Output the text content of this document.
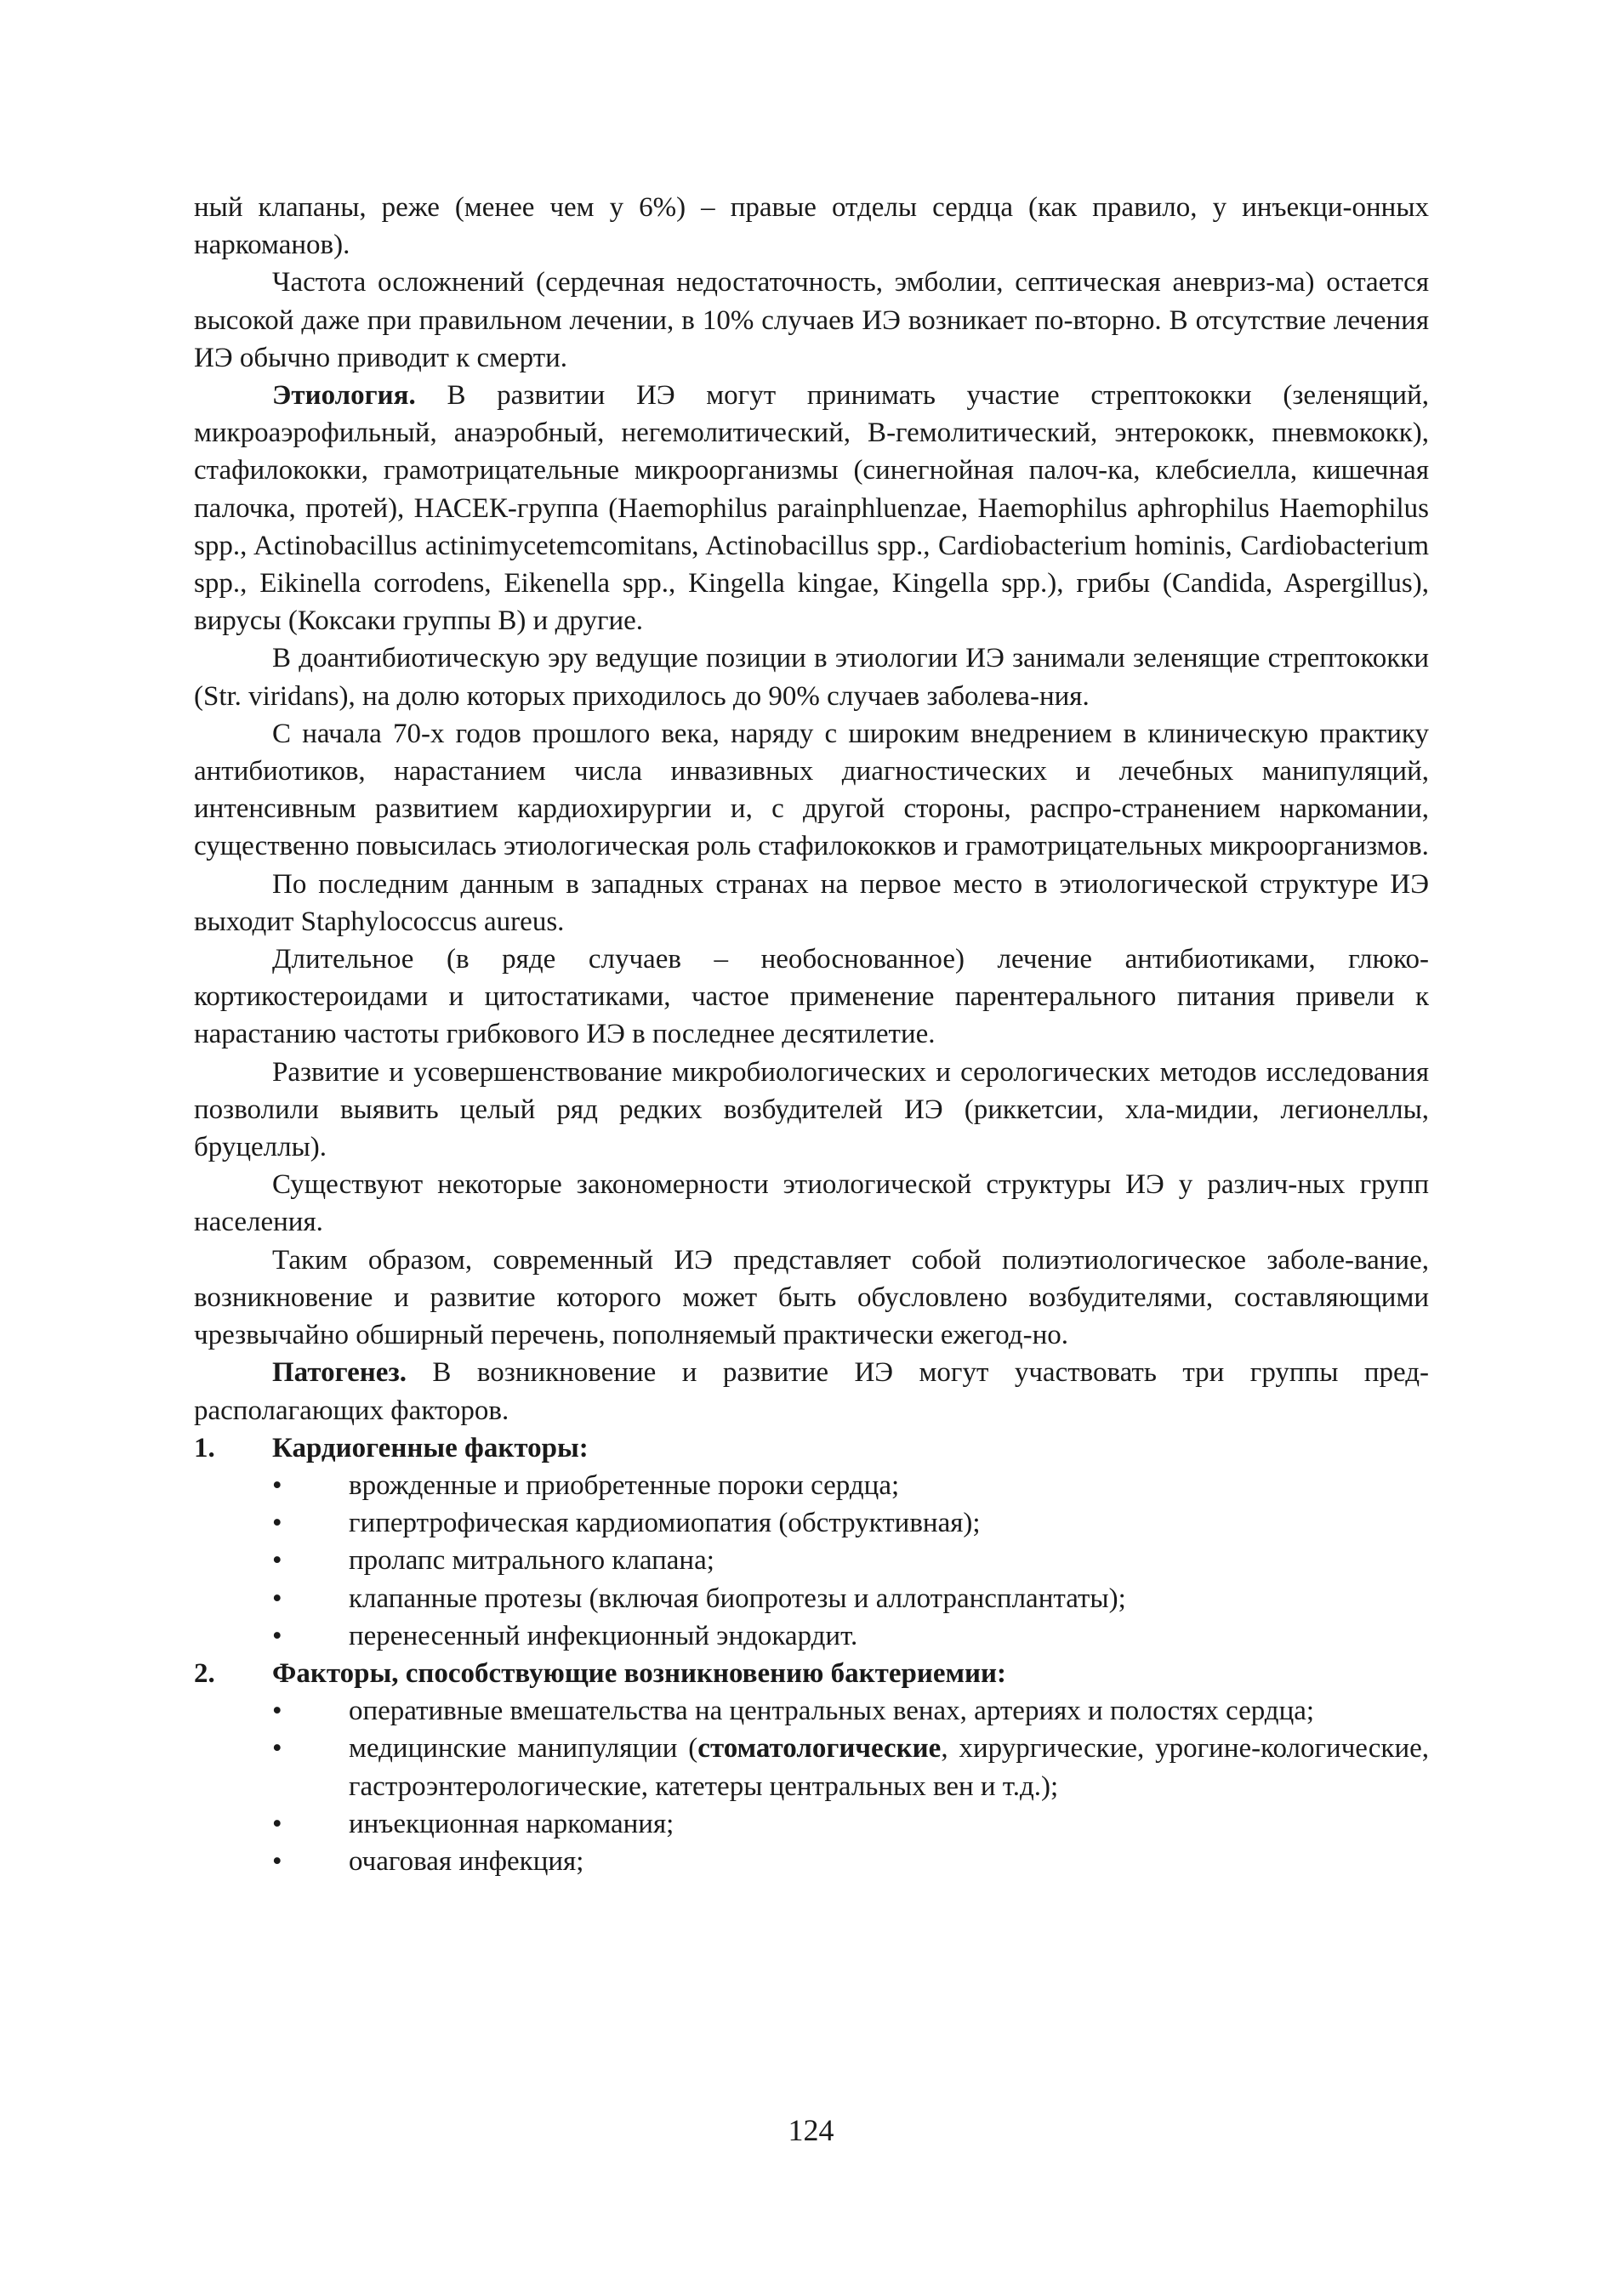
ный клапаны, реже (менее чем у 6%) – правые отделы сердца (как правило, у инъекци-онных наркоманов).

Частота осложнений (сердечная недостаточность, эмболии, септическая аневриз-ма) остается высокой даже при правильном лечении, в 10% случаев ИЭ возникает по-вторно. В отсутствие лечения ИЭ обычно приводит к смерти.

Этиология. В развитии ИЭ могут принимать участие стрептококки (зеленящий, микроаэрофильный, анаэробный, негемолитический, В-гемолитический, энтерококк, пневмококк), стафилококки, грамотрицательные микроорганизмы (синегнойная палоч-ка, клебсиелла, кишечная палочка, протей), НАСЕК-группа (Haemophilus parainphluenzae, Haemophilus aphrophilus Haemophilus spp., Actinobacillus actinimycetemcomitans, Actinobacillus spp., Cardiobacterium hominis, Cardiobacterium spp., Eikinella corrodens, Eikenella spp., Kingella kingae, Kingella spp.), грибы (Candida, Aspergillus), вирусы (Коксаки группы В) и другие.

В доантибиотическую эру ведущие позиции в этиологии ИЭ занимали зеленящие стрептококки (Str. viridans), на долю которых приходилось до 90% случаев заболева-ния.

С начала 70-х годов прошлого века, наряду с широким внедрением в клиническую практику антибиотиков, нарастанием числа инвазивных диагностических и лечебных манипуляций, интенсивным развитием кардиохирургии и, с другой стороны, распро-странением наркомании, существенно повысилась этиологическая роль стафилококков и грамотрицательных микроорганизмов.

По последним данным в западных странах на первое место в этиологической структуре ИЭ выходит Staphylococcus aureus.

Длительное (в ряде случаев – необоснованное) лечение антибиотиками, глюко-кортикостероидами и цитостатиками, частое применение парентерального питания привели к нарастанию частоты грибкового ИЭ в последнее десятилетие.

Развитие и усовершенствование микробиологических и серологических методов исследования позволили выявить целый ряд редких возбудителей ИЭ (риккетсии, хла-мидии, легионеллы, бруцеллы).

Существуют некоторые закономерности этиологической структуры ИЭ у различ-ных групп населения.

Таким образом, современный ИЭ представляет собой полиэтиологическое заболе-вание, возникновение и развитие которого может быть обусловлено возбудителями, составляющими чрезвычайно обширный перечень, пополняемый практически ежегод-но.

Патогенез. В возникновение и развитие ИЭ могут участвовать три группы пред-располагающих факторов.

1. Кардиогенные факторы:
• врожденные и приобретенные пороки сердца;
• гипертрофическая кардиомиопатия (обструктивная);
• пролапс митрального клапана;
• клапанные протезы (включая биопротезы и аллотрансплантаты);
• перенесенный инфекционный эндокардит.
2. Факторы, способствующие возникновению бактериемии:
• оперативные вмешательства на центральных венах, артериях и полостях сердца;
• медицинские манипуляции (стоматологические, хирургические, урогине-кологические, гастроэнтерологические, катетеры центральных вен и т.д.);
• инъекционная наркомания;
• очаговая инфекция;
124
